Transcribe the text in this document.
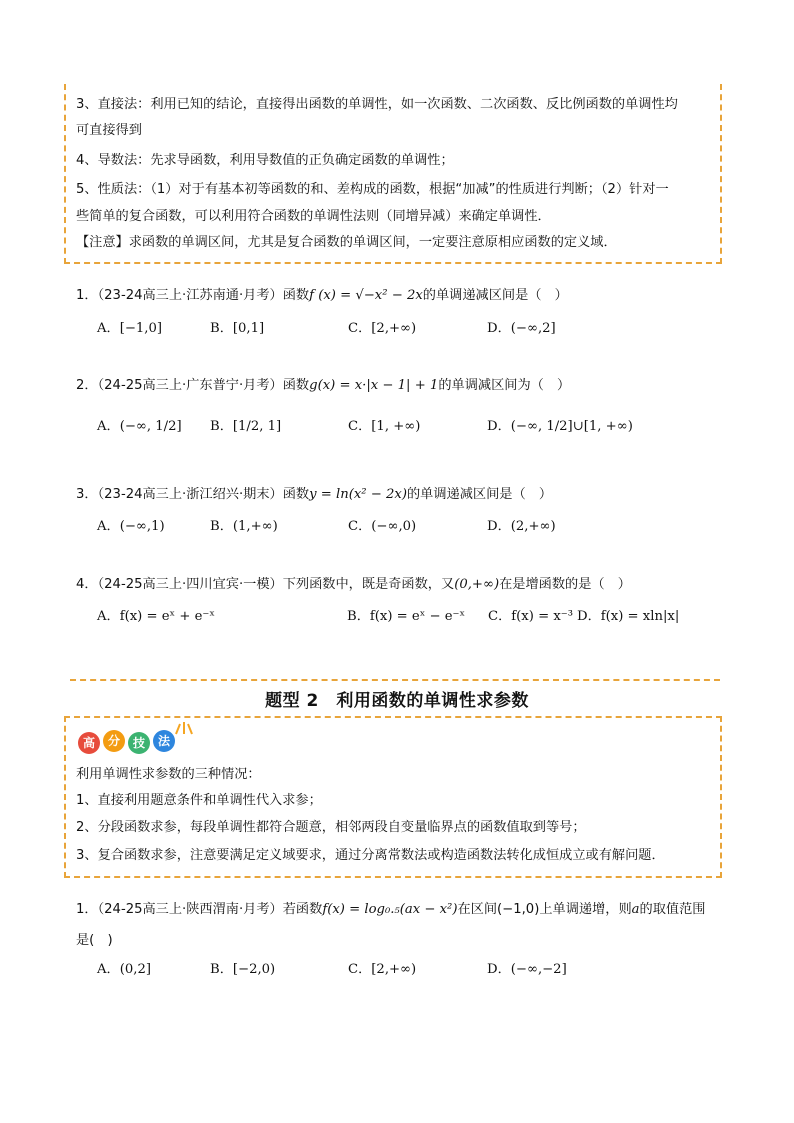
3、直接法：利用已知的结论，直接得出函数的单调性，如一次函数、二次函数、反比例函数的单调性均
可直接得到
4、导数法：先求导函数，利用导数值的正负确定函数的单调性；
5、性质法：（1）对于有基本初等函数的和、差构成的函数，根据“加减”的性质进行判断；（2）针对一
些简单的复合函数，可以利用符合函数的单调性法则（同增异减）来确定单调性．
【注意】求函数的单调区间，尤其是复合函数的单调区间，一定要注意原相应函数的定义域．
1．（23-24高三上·江苏南通·月考）函数f (x) = √−x² − 2x的单调递减区间是（　）
A．[−1,0]	B．[0,1]	C．[2,+∞)	D．(−∞,2]
2．（24-25高三上·广东普宁·月考）函数g(x) = x·|x − 1| + 1的单调减区间为（　）
A．(−∞, 1/2] B．[1/2, 1]	C．[1, +∞)	D．(−∞, 1/2]∪[1, +∞)
3．（23-24高三上·浙江绍兴·期末）函数y = ln(x² − 2x)的单调递减区间是（　）
A．(−∞,1)	B．(1,+∞)	C．(−∞,0)	D．(2,+∞)
4．（24-25高三上·四川宜宾·一模）下列函数中，既是奇函数，又(0,+∞)在是增函数的是（　）
A．f(x) = eˣ + e⁻ˣ	B．f(x) = eˣ − e⁻ˣ C．f(x) = x⁻³ D．f(x) = xln|x|
题型 2　利用函数的单调性求参数
高	分	技	法
利用单调性求参数的三种情况：
1、直接利用题意条件和单调性代入求参；
2、分段函数求参，每段单调性都符合题意，相邻两段自变量临界点的函数值取到等号；
3、复合函数求参，注意要满足定义域要求，通过分离常数法或构造函数法转化成恒成立或有解问题．
1．（24-25高三上·陕西渭南·月考）若函数f(x) = log₀.₅(ax − x²)在区间(−1,0)上单调递增，则a的取值范围
是(　)
A．(0,2]	B．[−2,0)	C．[2,+∞)	D．(−∞,−2]
